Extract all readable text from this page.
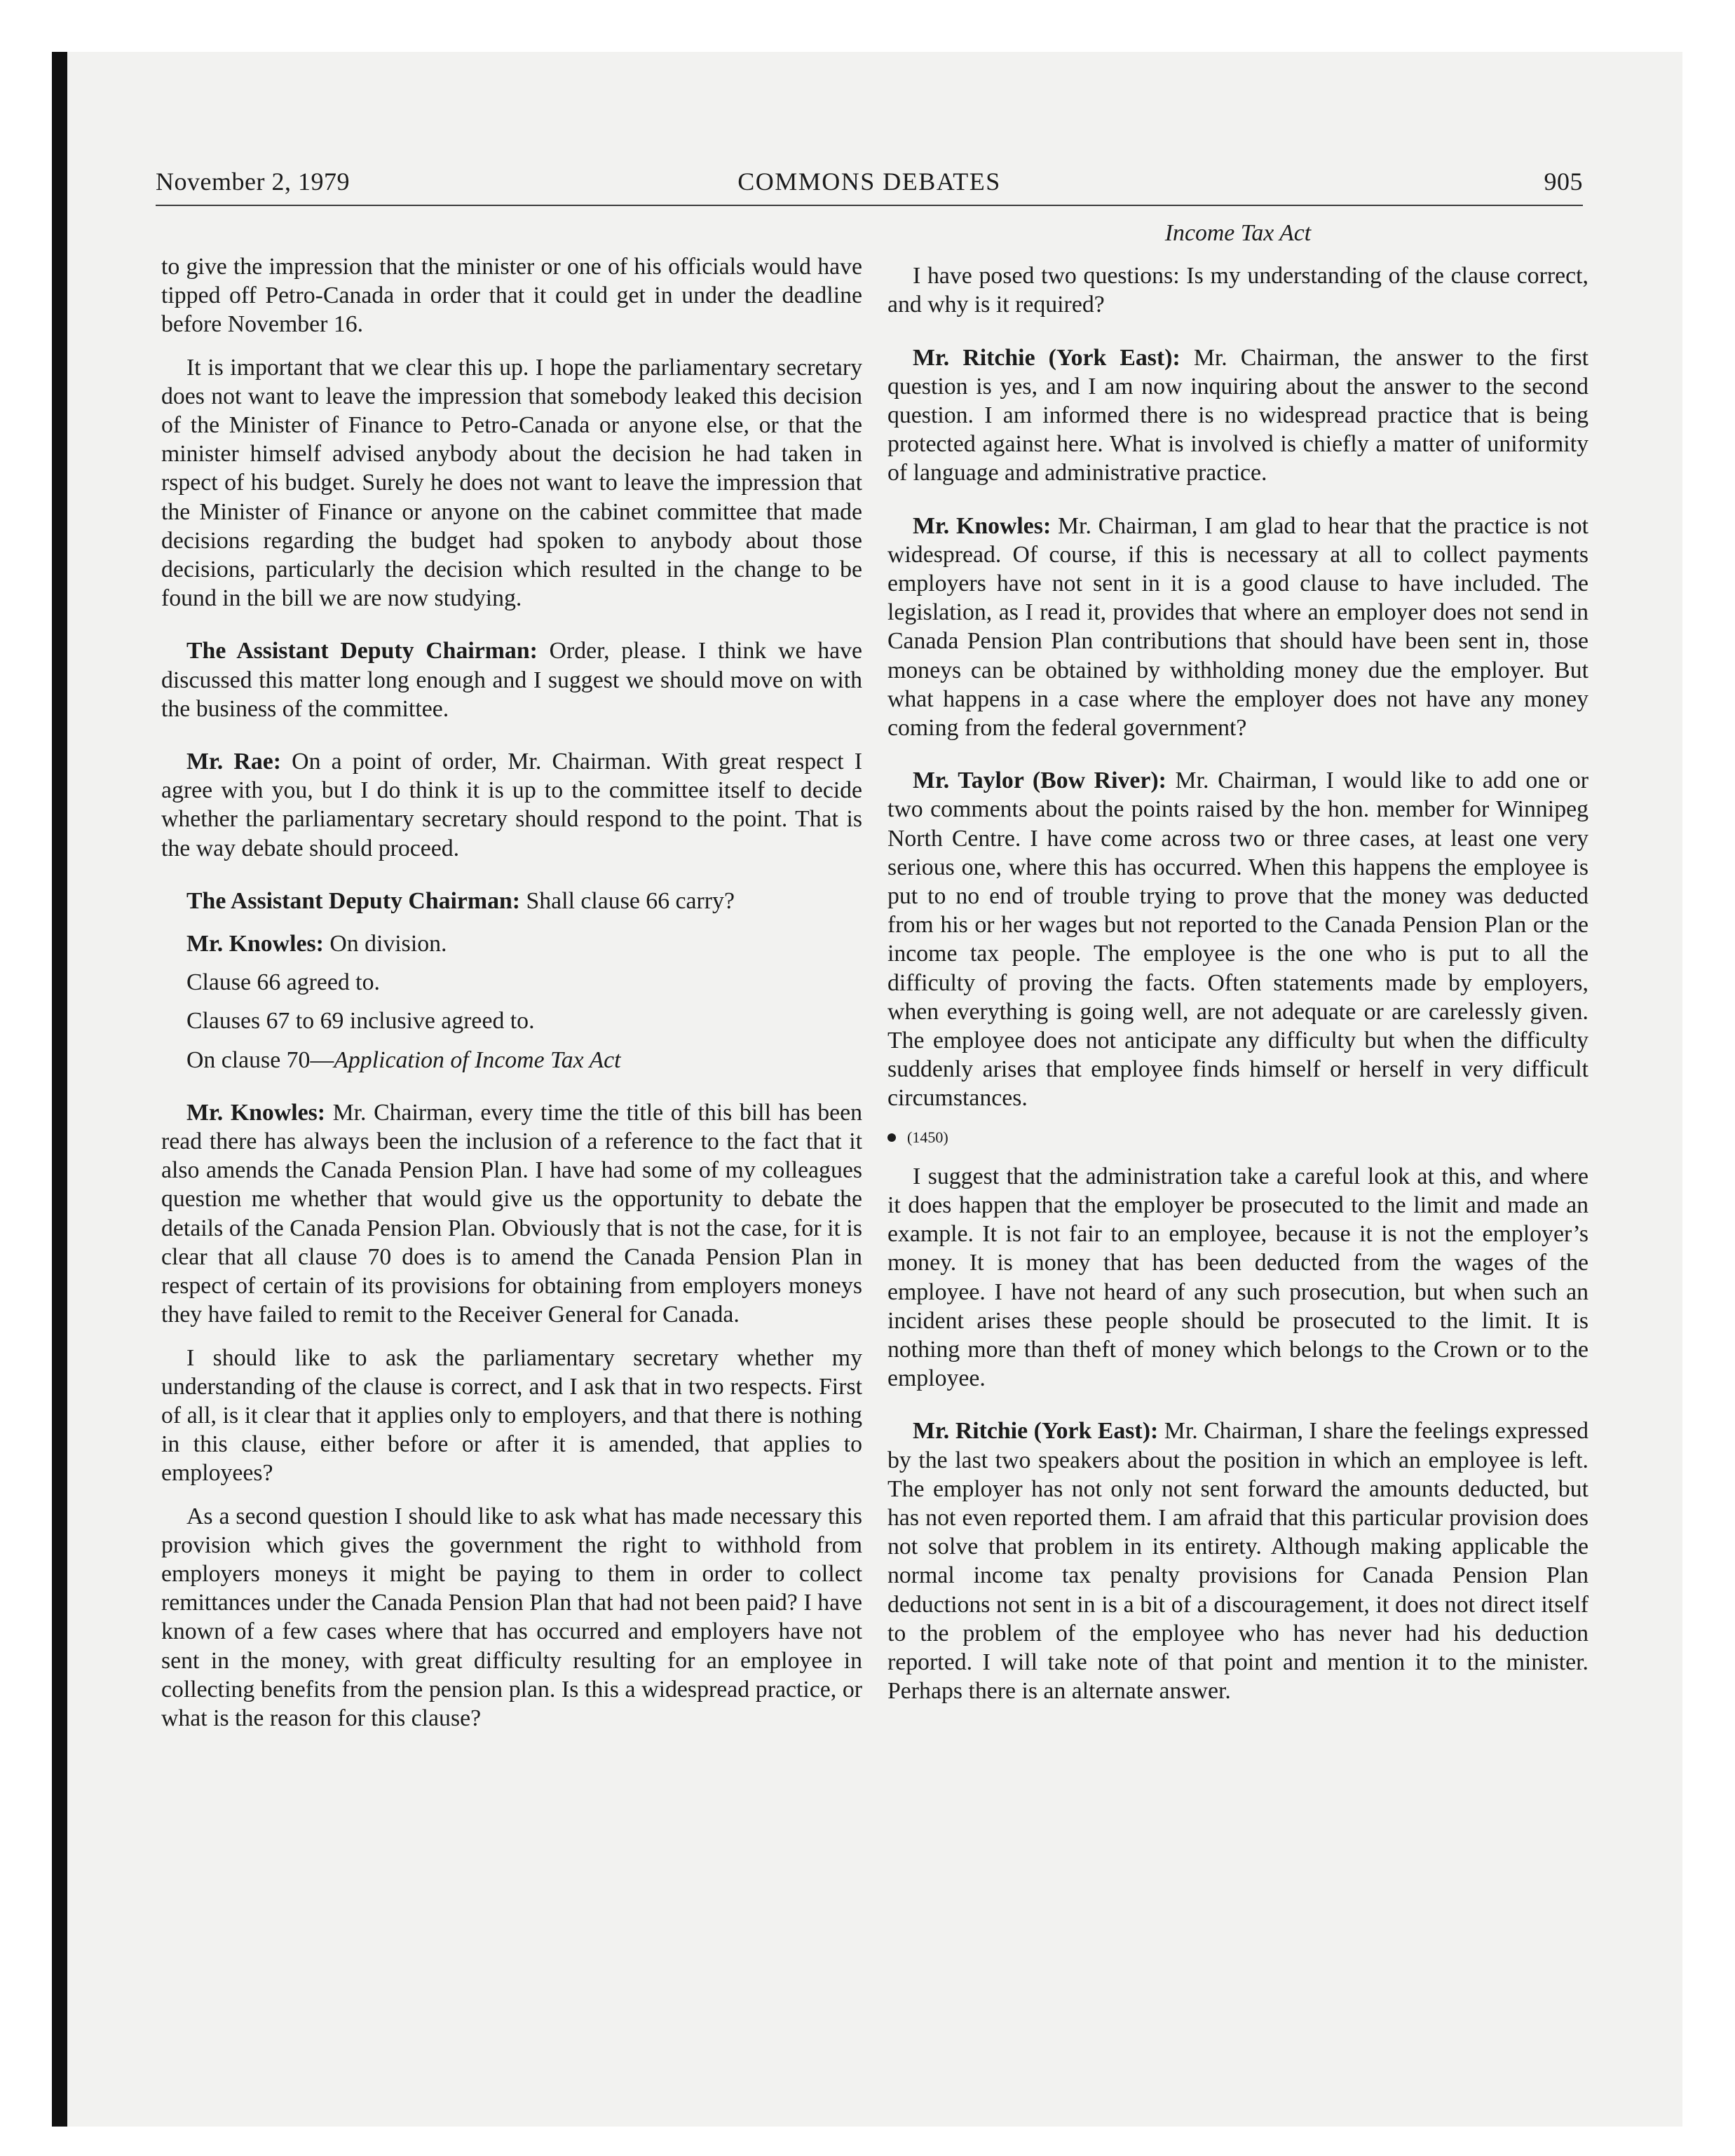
November 2, 1979	COMMONS DEBATES	905

to give the impression that the minister or one of his officials would have tipped off Petro-Canada in order that it could get in under the deadline before November 16.

It is important that we clear this up. I hope the parliamentary secretary does not want to leave the impression that somebody leaked this decision of the Minister of Finance to Petro-Canada or anyone else, or that the minister himself advised anybody about the decision he had taken in rspect of his budget. Surely he does not want to leave the impression that the Minister of Finance or anyone on the cabinet committee that made decisions regarding the budget had spoken to anybody about those decisions, particularly the decision which resulted in the change to be found in the bill we are now studying.

The Assistant Deputy Chairman: Order, please. I think we have discussed this matter long enough and I suggest we should move on with the business of the committee.

Mr. Rae: On a point of order, Mr. Chairman. With great respect I agree with you, but I do think it is up to the committee itself to decide whether the parliamentary secretary should respond to the point. That is the way debate should proceed.

The Assistant Deputy Chairman: Shall clause 66 carry?

Mr. Knowles: On division.

Clause 66 agreed to.

Clauses 67 to 69 inclusive agreed to.

On clause 70—Application of Income Tax Act

Mr. Knowles: Mr. Chairman, every time the title of this bill has been read there has always been the inclusion of a reference to the fact that it also amends the Canada Pension Plan. I have had some of my colleagues question me whether that would give us the opportunity to debate the details of the Canada Pension Plan. Obviously that is not the case, for it is clear that all clause 70 does is to amend the Canada Pension Plan in respect of certain of its provisions for obtaining from employers moneys they have failed to remit to the Receiver General for Canada.

I should like to ask the parliamentary secretary whether my understanding of the clause is correct, and I ask that in two respects. First of all, is it clear that it applies only to employers, and that there is nothing in this clause, either before or after it is amended, that applies to employees?

As a second question I should like to ask what has made necessary this provision which gives the government the right to withhold from employers moneys it might be paying to them in order to collect remittances under the Canada Pension Plan that had not been paid? I have known of a few cases where that has occurred and employers have not sent in the money, with great difficulty resulting for an employee in collecting benefits from the pension plan. Is this a widespread practice, or what is the reason for this clause?

Income Tax Act

I have posed two questions: Is my understanding of the clause correct, and why is it required?

Mr. Ritchie (York East): Mr. Chairman, the answer to the first question is yes, and I am now inquiring about the answer to the second question. I am informed there is no widespread practice that is being protected against here. What is involved is chiefly a matter of uniformity of language and administrative practice.

Mr. Knowles: Mr. Chairman, I am glad to hear that the practice is not widespread. Of course, if this is necessary at all to collect payments employers have not sent in it is a good clause to have included. The legislation, as I read it, provides that where an employer does not send in Canada Pension Plan contributions that should have been sent in, those moneys can be obtained by withholding money due the employer. But what happens in a case where the employer does not have any money coming from the federal government?

Mr. Taylor (Bow River): Mr. Chairman, I would like to add one or two comments about the points raised by the hon. member for Winnipeg North Centre. I have come across two or three cases, at least one very serious one, where this has occurred. When this happens the employee is put to no end of trouble trying to prove that the money was deducted from his or her wages but not reported to the Canada Pension Plan or the income tax people. The employee is the one who is put to all the difficulty of proving the facts. Often statements made by employers, when everything is going well, are not adequate or are carelessly given. The employee does not anticipate any difficulty but when the difficulty suddenly arises that employee finds himself or herself in very difficult circumstances.

(1450)

I suggest that the administration take a careful look at this, and where it does happen that the employer be prosecuted to the limit and made an example. It is not fair to an employee, because it is not the employer’s money. It is money that has been deducted from the wages of the employee. I have not heard of any such prosecution, but when such an incident arises these people should be prosecuted to the limit. It is nothing more than theft of money which belongs to the Crown or to the employee.

Mr. Ritchie (York East): Mr. Chairman, I share the feelings expressed by the last two speakers about the position in which an employee is left. The employer has not only not sent forward the amounts deducted, but has not even reported them. I am afraid that this particular provision does not solve that problem in its entirety. Although making applicable the normal income tax penalty provisions for Canada Pension Plan deductions not sent in is a bit of a discouragement, it does not direct itself to the problem of the employee who has never had his deduction reported. I will take note of that point and mention it to the minister. Perhaps there is an alternate answer.
